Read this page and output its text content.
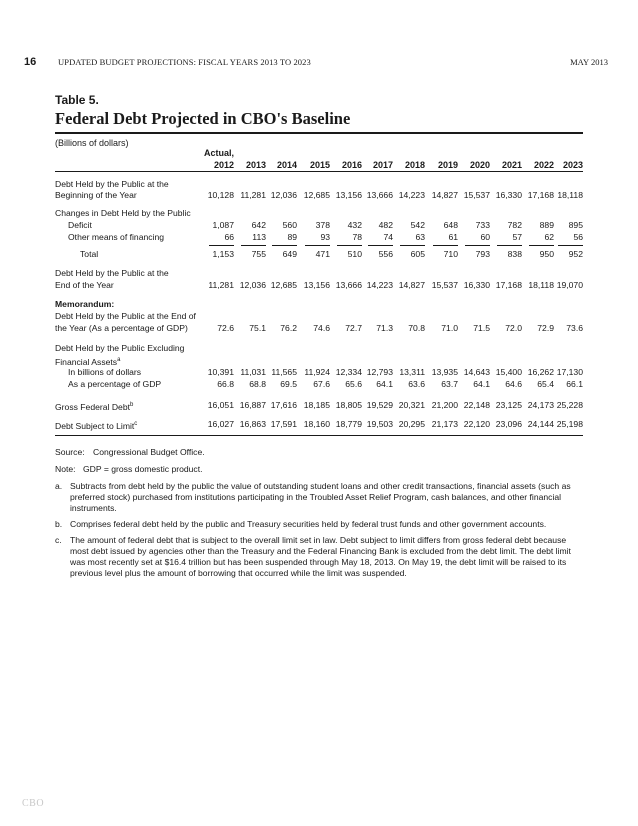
16	UPDATED BUDGET PROJECTIONS: FISCAL YEARS 2013 TO 2023	MAY 2013
Table 5.
Federal Debt Projected in CBO's Baseline
(Billions of dollars)
Actual,
2012	2013	2014	2015	2016	2017	2018	2019	2020	2021	2022 2023
Debt Held by the Public at the
Beginning of the Year	10,128 11,281 12,036 12,685 13,156 13,666 14,223 14,827 15,537 16,330 17,168 18,118
Changes in Debt Held by the Public
Deficit	1,087	642	560	378	432	482	542	648	733	782	889	895
Other means of financing	66	113	89	93	78	74	63	61	60	57	62	56
Total	1,153	755	649	471	510	556	605	710	793	838	950	952
Debt Held by the Public at the
End of the Year	11,281 12,036 12,685 13,156 13,666 14,223 14,827 15,537 16,330 17,168 18,118 19,070
Memorandum:
Debt Held by the Public at the End of
the Year (As a percentage of GDP)	72.6	75.1	76.2	74.6	72.7	71.3	70.8	71.0	71.5	72.0	72.9	73.6
Debt Held by the Public Excluding
Financial Assets$^a$
In billions of dollars	10,391 11,031 11,565 11,924 12,334 12,793 13,311 13,935 14,643 15,400 16,262 17,130
As a percentage of GDP	66.8	68.8	69.5	67.6	65.6	64.1	63.6	63.7	64.1	64.6	65.4	66.1
Gross Federal Debt$^b$	16,051 16,887 17,616 18,185 18,805 19,529 20,321 21,200 22,148 23,125 24,173 25,228
Debt Subject to Limit$^c$	16,027 16,863 17,591 18,160 18,779 19,503 20,295 21,173 22,120 23,096 24,144 25,198
Source: Congressional Budget Office.
Note: GDP = gross domestic product.
a. Subtracts from debt held by the public the value of outstanding student loans and other credit transactions, financial assets (such as preferred stock) purchased from institutions participating in the Troubled Asset Relief Program, cash balances, and other financial instruments.
b. Comprises federal debt held by the public and Treasury securities held by federal trust funds and other government accounts.
c. The amount of federal debt that is subject to the overall limit set in law. Debt subject to limit differs from gross federal debt because most debt issued by agencies other than the Treasury and the Federal Financing Bank is excluded from the debt limit. The debt limit was most recently set at $16.4 trillion but has been suspended through May 18, 2013. On May 19, the debt limit will be raised to its previous level plus the amount of borrowing that occurred while the limit was suspended.
CBO
